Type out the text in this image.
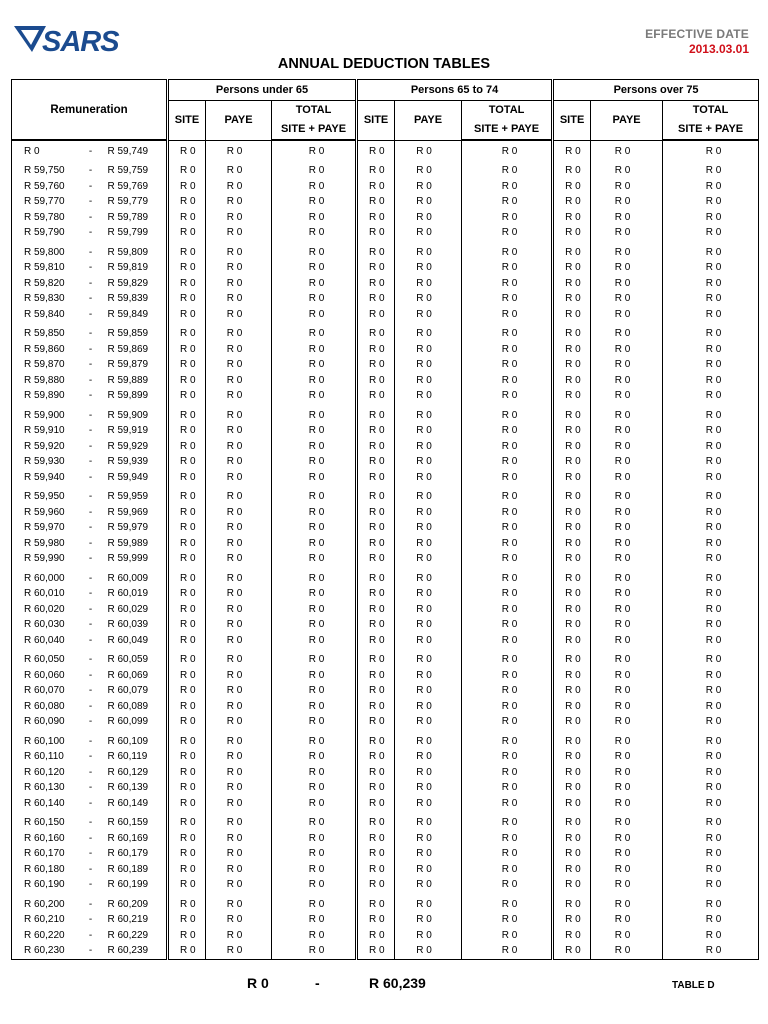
SARS	EFFECTIVE DATE
2013.03.01
ANNUAL DEDUCTION TABLES
Remuneration			Persons under 65			Persons 65 to 74			Persons over 75		
			SITE	PAYE	TOTAL	SITE	PAYE	TOTAL	SITE	PAYE	TOTAL
					SITE + PAYE			SITE + PAYE			SITE + PAYE
R 0	-	R 59,749	R 0	R 0	R 0	R 0	R 0	R 0	R 0	R 0	R 0
R 59,750	-	R 59,759	R 0	R 0	R 0	R 0	R 0	R 0	R 0	R 0	R 0
R 59,760	-	R 59,769	R 0	R 0	R 0	R 0	R 0	R 0	R 0	R 0	R 0
R 59,770	-	R 59,779	R 0	R 0	R 0	R 0	R 0	R 0	R 0	R 0	R 0
R 59,780	-	R 59,789	R 0	R 0	R 0	R 0	R 0	R 0	R 0	R 0	R 0
R 59,790	-	R 59,799	R 0	R 0	R 0	R 0	R 0	R 0	R 0	R 0	R 0
R 59,800	-	R 59,809	R 0	R 0	R 0	R 0	R 0	R 0	R 0	R 0	R 0
R 59,810	-	R 59,819	R 0	R 0	R 0	R 0	R 0	R 0	R 0	R 0	R 0
R 59,820	-	R 59,829	R 0	R 0	R 0	R 0	R 0	R 0	R 0	R 0	R 0
R 59,830	-	R 59,839	R 0	R 0	R 0	R 0	R 0	R 0	R 0	R 0	R 0
R 59,840	-	R 59,849	R 0	R 0	R 0	R 0	R 0	R 0	R 0	R 0	R 0
R 59,850	-	R 59,859	R 0	R 0	R 0	R 0	R 0	R 0	R 0	R 0	R 0
R 59,860	-	R 59,869	R 0	R 0	R 0	R 0	R 0	R 0	R 0	R 0	R 0
R 59,870	-	R 59,879	R 0	R 0	R 0	R 0	R 0	R 0	R 0	R 0	R 0
R 59,880	-	R 59,889	R 0	R 0	R 0	R 0	R 0	R 0	R 0	R 0	R 0
R 59,890	-	R 59,899	R 0	R 0	R 0	R 0	R 0	R 0	R 0	R 0	R 0
R 59,900	-	R 59,909	R 0	R 0	R 0	R 0	R 0	R 0	R 0	R 0	R 0
R 59,910	-	R 59,919	R 0	R 0	R 0	R 0	R 0	R 0	R 0	R 0	R 0
R 59,920	-	R 59,929	R 0	R 0	R 0	R 0	R 0	R 0	R 0	R 0	R 0
R 59,930	-	R 59,939	R 0	R 0	R 0	R 0	R 0	R 0	R 0	R 0	R 0
R 59,940	-	R 59,949	R 0	R 0	R 0	R 0	R 0	R 0	R 0	R 0	R 0
R 59,950	-	R 59,959	R 0	R 0	R 0	R 0	R 0	R 0	R 0	R 0	R 0
R 59,960	-	R 59,969	R 0	R 0	R 0	R 0	R 0	R 0	R 0	R 0	R 0
R 59,970	-	R 59,979	R 0	R 0	R 0	R 0	R 0	R 0	R 0	R 0	R 0
R 59,980	-	R 59,989	R 0	R 0	R 0	R 0	R 0	R 0	R 0	R 0	R 0
R 59,990	-	R 59,999	R 0	R 0	R 0	R 0	R 0	R 0	R 0	R 0	R 0
R 60,000	-	R 60,009	R 0	R 0	R 0	R 0	R 0	R 0	R 0	R 0	R 0
R 60,010	-	R 60,019	R 0	R 0	R 0	R 0	R 0	R 0	R 0	R 0	R 0
R 60,020	-	R 60,029	R 0	R 0	R 0	R 0	R 0	R 0	R 0	R 0	R 0
R 60,030	-	R 60,039	R 0	R 0	R 0	R 0	R 0	R 0	R 0	R 0	R 0
R 60,040	-	R 60,049	R 0	R 0	R 0	R 0	R 0	R 0	R 0	R 0	R 0
R 60,050	-	R 60,059	R 0	R 0	R 0	R 0	R 0	R 0	R 0	R 0	R 0
R 60,060	-	R 60,069	R 0	R 0	R 0	R 0	R 0	R 0	R 0	R 0	R 0
R 60,070	-	R 60,079	R 0	R 0	R 0	R 0	R 0	R 0	R 0	R 0	R 0
R 60,080	-	R 60,089	R 0	R 0	R 0	R 0	R 0	R 0	R 0	R 0	R 0
R 60,090	-	R 60,099	R 0	R 0	R 0	R 0	R 0	R 0	R 0	R 0	R 0
R 60,100	-	R 60,109	R 0	R 0	R 0	R 0	R 0	R 0	R 0	R 0	R 0
R 60,110	-	R 60,119	R 0	R 0	R 0	R 0	R 0	R 0	R 0	R 0	R 0
R 60,120	-	R 60,129	R 0	R 0	R 0	R 0	R 0	R 0	R 0	R 0	R 0
R 60,130	-	R 60,139	R 0	R 0	R 0	R 0	R 0	R 0	R 0	R 0	R 0
R 60,140	-	R 60,149	R 0	R 0	R 0	R 0	R 0	R 0	R 0	R 0	R 0
R 60,150	-	R 60,159	R 0	R 0	R 0	R 0	R 0	R 0	R 0	R 0	R 0
R 60,160	-	R 60,169	R 0	R 0	R 0	R 0	R 0	R 0	R 0	R 0	R 0
R 60,170	-	R 60,179	R 0	R 0	R 0	R 0	R 0	R 0	R 0	R 0	R 0
R 60,180	-	R 60,189	R 0	R 0	R 0	R 0	R 0	R 0	R 0	R 0	R 0
R 60,190	-	R 60,199	R 0	R 0	R 0	R 0	R 0	R 0	R 0	R 0	R 0
R 60,200	-	R 60,209	R 0	R 0	R 0	R 0	R 0	R 0	R 0	R 0	R 0
R 60,210	-	R 60,219	R 0	R 0	R 0	R 0	R 0	R 0	R 0	R 0	R 0
R 60,220	-	R 60,229	R 0	R 0	R 0	R 0	R 0	R 0	R 0	R 0	R 0
R 60,230	-	R 60,239	R 0	R 0	R 0	R 0	R 0	R 0	R 0	R 0	R 0
R 0	-	R 60,239	TABLE D
